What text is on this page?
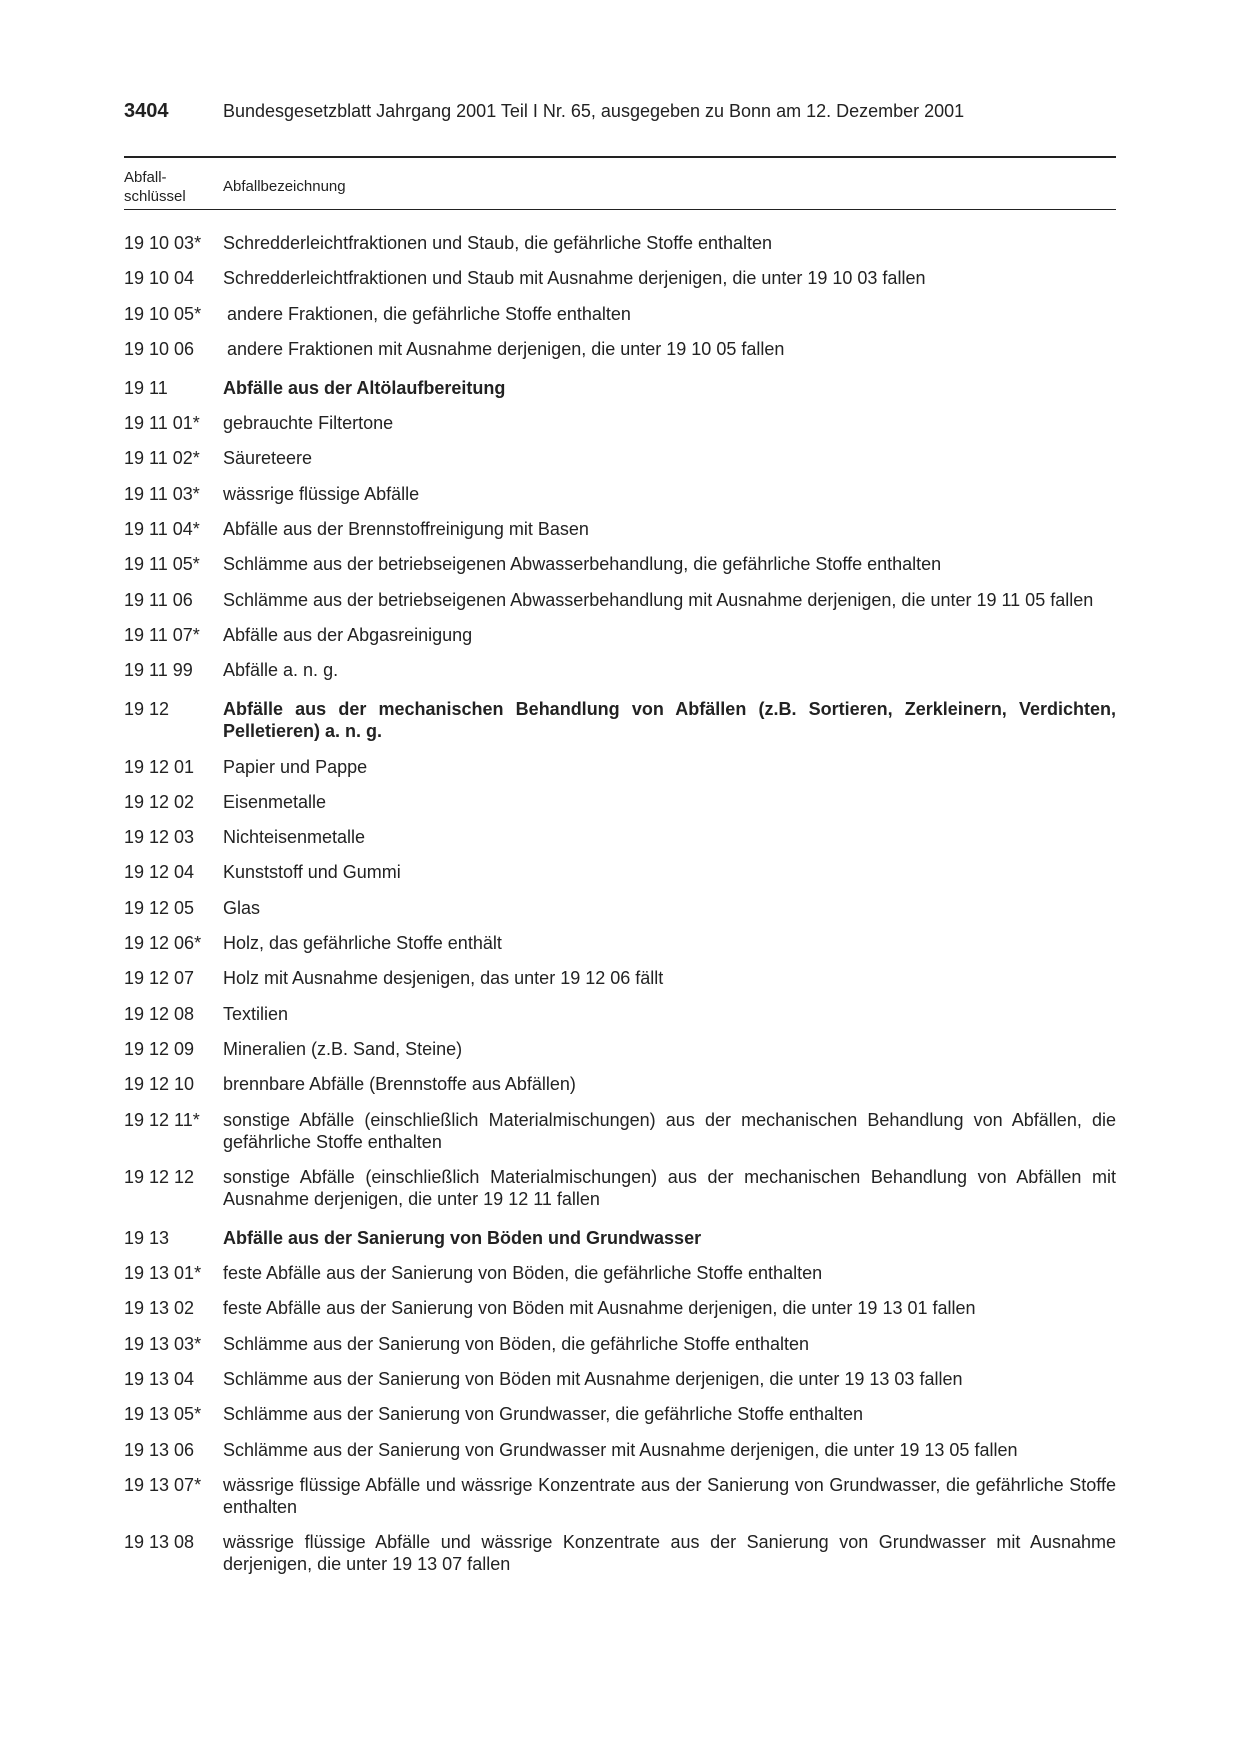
3404	Bundesgesetzblatt Jahrgang 2001 Teil I Nr. 65, ausgegeben zu Bonn am 12. Dezember 2001
Abfall-
schlüssel
Abfallbezeichnung
19 10 03*	Schredderleichtfraktionen und Staub, die gefährliche Stoffe enthalten
19 10 04	Schredderleichtfraktionen und Staub mit Ausnahme derjenigen, die unter 19 10 03 fallen
19 10 05*	andere Fraktionen, die gefährliche Stoffe enthalten
19 10 06	andere Fraktionen mit Ausnahme derjenigen, die unter 19 10 05 fallen
19 11	Abfälle aus der Altölaufbereitung
19 11 01*	gebrauchte Filtertone
19 11 02*	Säureteere
19 11 03*	wässrige flüssige Abfälle
19 11 04*	Abfälle aus der Brennstoffreinigung mit Basen
19 11 05*	Schlämme aus der betriebseigenen Abwasserbehandlung, die gefährliche Stoffe enthalten
19 11 06	Schlämme aus der betriebseigenen Abwasserbehandlung mit Ausnahme derjenigen, die unter 19 11 05 fallen
19 11 07*	Abfälle aus der Abgasreinigung
19 11 99	Abfälle a. n. g.
19 12	Abfälle aus der mechanischen Behandlung von Abfällen (z.B. Sortieren, Zerkleinern, Verdichten, Pelletieren) a. n. g.
19 12 01	Papier und Pappe
19 12 02	Eisenmetalle
19 12 03	Nichteisenmetalle
19 12 04	Kunststoff und Gummi
19 12 05	Glas
19 12 06*	Holz, das gefährliche Stoffe enthält
19 12 07	Holz mit Ausnahme desjenigen, das unter 19 12 06 fällt
19 12 08	Textilien
19 12 09	Mineralien (z.B. Sand, Steine)
19 12 10	brennbare Abfälle (Brennstoffe aus Abfällen)
19 12 11*	sonstige Abfälle (einschließlich Materialmischungen) aus der mechanischen Behandlung von Abfällen, die gefährliche Stoffe enthalten
19 12 12	sonstige Abfälle (einschließlich Materialmischungen) aus der mechanischen Behandlung von Abfällen mit Ausnahme derjenigen, die unter 19 12 11 fallen
19 13	Abfälle aus der Sanierung von Böden und Grundwasser
19 13 01*	feste Abfälle aus der Sanierung von Böden, die gefährliche Stoffe enthalten
19 13 02	feste Abfälle aus der Sanierung von Böden mit Ausnahme derjenigen, die unter 19 13 01 fallen
19 13 03*	Schlämme aus der Sanierung von Böden, die gefährliche Stoffe enthalten
19 13 04	Schlämme aus der Sanierung von Böden mit Ausnahme derjenigen, die unter 19 13 03 fallen
19 13 05*	Schlämme aus der Sanierung von Grundwasser, die gefährliche Stoffe enthalten
19 13 06	Schlämme aus der Sanierung von Grundwasser mit Ausnahme derjenigen, die unter 19 13 05 fallen
19 13 07*	wässrige flüssige Abfälle und wässrige Konzentrate aus der Sanierung von Grundwasser, die gefährliche Stoffe enthalten
19 13 08	wässrige flüssige Abfälle und wässrige Konzentrate aus der Sanierung von Grundwasser mit Ausnahme derjenigen, die unter 19 13 07 fallen
